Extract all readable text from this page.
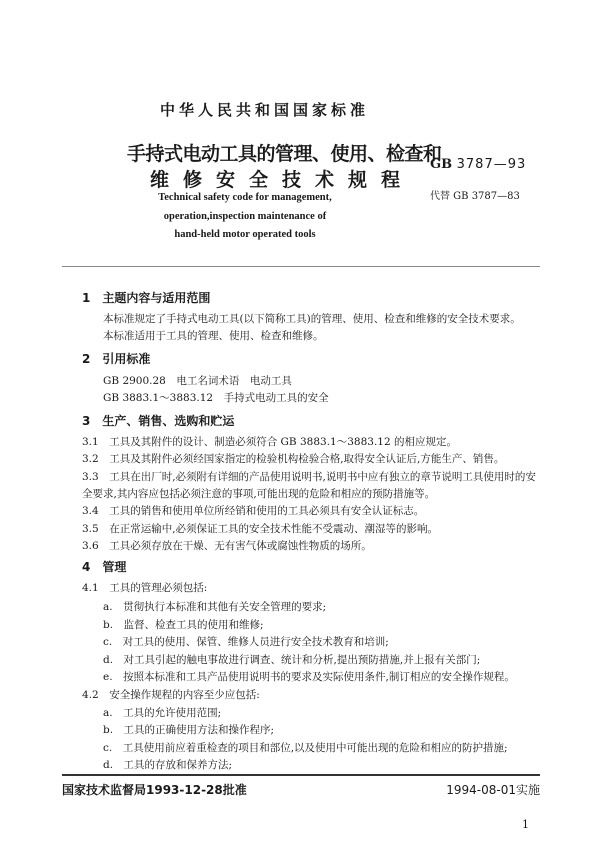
中华人民共和国国家标准
手持式电动工具的管理、使用、检查和
维修安全技术规程
GB 3787—93
代替 GB 3787—83
Technical safety code for management,
operation,inspection maintenance of
hand-held motor operated tools
1　主题内容与适用范围
本标准规定了手持式电动工具(以下简称工具)的管理、使用、检查和维修的安全技术要求。
本标准适用于工具的管理、使用、检查和维修。
2　引用标准
GB 2900.28　电工名词术语　电动工具
GB 3883.1～3883.12　手持式电动工具的安全
3　生产、销售、选购和贮运
3.1　工具及其附件的设计、制造必须符合 GB 3883.1～3883.12 的相应规定。
3.2　工具及其附件必须经国家指定的检验机构检验合格,取得安全认证后,方能生产、销售。
3.3　工具在出厂时,必须附有详细的产品使用说明书,说明书中应有独立的章节说明工具使用时的安
全要求,其内容应包括必须注意的事项,可能出现的危险和相应的预防措施等。
3.4　工具的销售和使用单位所经销和使用的工具必须具有安全认证标志。
3.5　在正常运输中,必须保证工具的安全技术性能不受震动、潮湿等的影响。
3.6　工具必须存放在干燥、无有害气体或腐蚀性物质的场所。
4　管理
4.1　工具的管理必须包括:
a.　贯彻执行本标准和其他有关安全管理的要求;
b.　监督、检查工具的使用和维修;
c.　对工具的使用、保管、维修人员进行安全技术教育和培训;
d.　对工具引起的触电事故进行调查、统计和分析,提出预防措施,并上报有关部门;
e.　按照本标准和工具产品使用说明书的要求及实际使用条件,制订相应的安全操作规程。
4.2　安全操作规程的内容至少应包括:
a.　工具的允许使用范围;
b.　工具的正确使用方法和操作程序;
c.　工具使用前应着重检查的项目和部位,以及使用中可能出现的危险和相应的防护措施;
d.　工具的存放和保养方法;
国家技术监督局1993-12-28批准	1994-08-01实施
1
